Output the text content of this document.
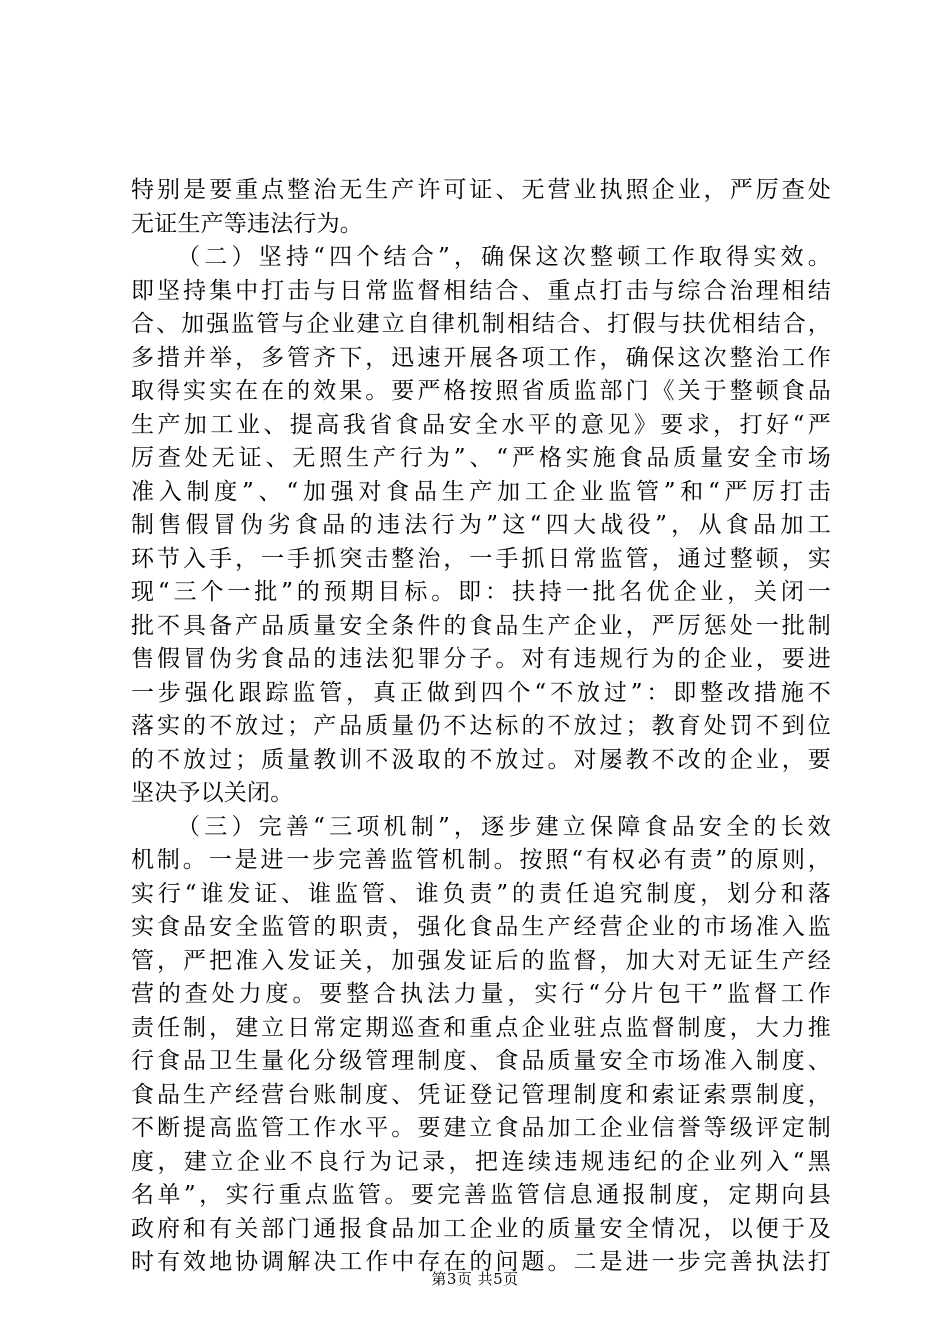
特别是要重点整治无生产许可证、无营业执照企业，严厉查处
无证生产等违法行为。
（二）坚持“四个结合”，确保这次整顿工作取得实效。
即坚持集中打击与日常监督相结合、重点打击与综合治理相结
合、加强监管与企业建立自律机制相结合、打假与扶优相结合，
多措并举，多管齐下，迅速开展各项工作，确保这次整治工作
取得实实在在的效果。要严格按照省质监部门《关于整顿食品
生产加工业、提高我省食品安全水平的意见》要求，打好“严
厉查处无证、无照生产行为”、“严格实施食品质量安全市场
准入制度”、“加强对食品生产加工企业监管”和“严厉打击
制售假冒伪劣食品的违法行为”这“四大战役”，从食品加工
环节入手，一手抓突击整治，一手抓日常监管，通过整顿，实
现“三个一批”的预期目标。即：扶持一批名优企业，关闭一
批不具备产品质量安全条件的食品生产企业，严厉惩处一批制
售假冒伪劣食品的违法犯罪分子。对有违规行为的企业，要进
一步强化跟踪监管，真正做到四个“不放过”：即整改措施不
落实的不放过；产品质量仍不达标的不放过；教育处罚不到位
的不放过；质量教训不汲取的不放过。对屡教不改的企业，要
坚决予以关闭。
（三）完善“三项机制”，逐步建立保障食品安全的长效
机制。一是进一步完善监管机制。按照“有权必有责”的原则，
实行“谁发证、谁监管、谁负责”的责任追究制度，划分和落
实食品安全监管的职责，强化食品生产经营企业的市场准入监
管，严把准入发证关，加强发证后的监督，加大对无证生产经
营的查处力度。要整合执法力量，实行“分片包干”监督工作
责任制，建立日常定期巡查和重点企业驻点监督制度，大力推
行食品卫生量化分级管理制度、食品质量安全市场准入制度、
食品生产经营台账制度、凭证登记管理制度和索证索票制度，
不断提高监管工作水平。要建立食品加工企业信誉等级评定制
度，建立企业不良行为记录，把连续违规违纪的企业列入“黑
名单”，实行重点监管。要完善监管信息通报制度，定期向县
政府和有关部门通报食品加工企业的质量安全情况，以便于及
时有效地协调解决工作中存在的问题。二是进一步完善执法打
第3页 共5页
